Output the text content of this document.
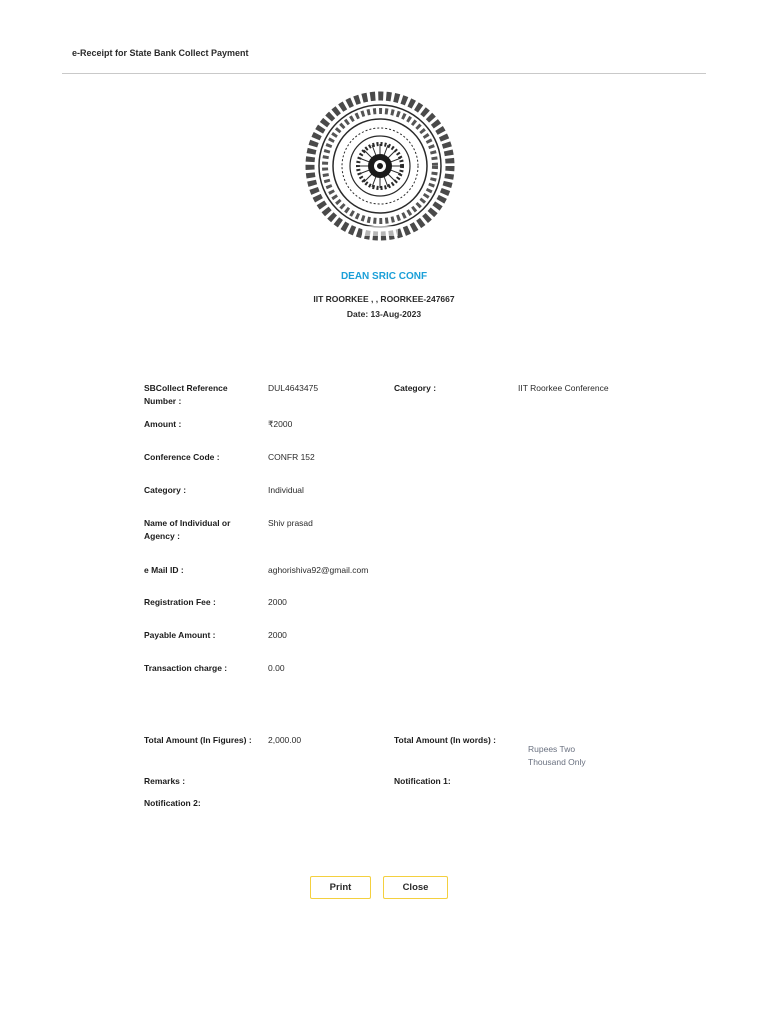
e-Receipt for State Bank Collect Payment
DEAN SRIC CONF
IIT ROORKEE , , ROORKEE-247667
Date: 13-Aug-2023
SBCollect Reference Number :
DUL4643475	Category :	IIT Roorkee Conference
Amount :	₹2000
Conference Code :	CONFR 152
Category :	Individual
Name of Individual or Agency :
Shiv prasad
e Mail ID :	aghorishiva92@gmail.com
Registration Fee :	2000
Payable Amount :	2000
Transaction charge :	0.00
Total Amount (In Figures) : 2,000.00	Total Amount (In words) :
Rupees Two Thousand Only
Remarks :	Notification 1:
Notification 2:
Print	Close
